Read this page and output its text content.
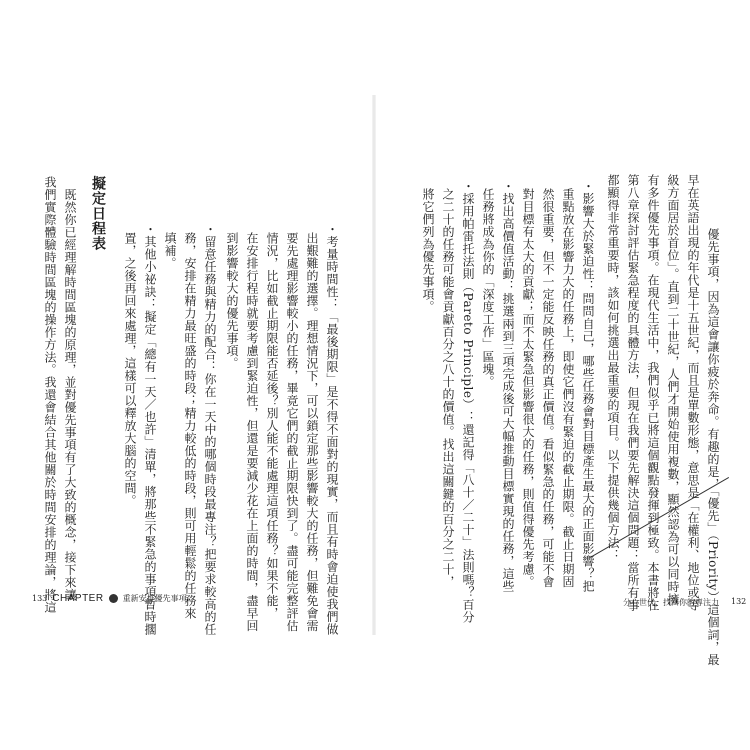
優先事項，因為這會讓你疲於奔命。有趣的是，「優先」（Priority）這個詞，最
早在英語出現的年代是十五世紀，而且是單數形態，意思是「在權利、地位或等
級方面居於首位」。直到二十世紀，人們才開始使用複數，顯然認為可以同時擁
有多件優先事項。在現代生活中，我們似乎已將這個觀點發揮到極致。本書將在
第八章探討評估緊急程度的具體方法，但現在我們要先解決這個問題：當所有事
都顯得非常重要時，該如何挑選出最重要的項目。以下提供幾個方法：
・影響大於緊迫性：問問自己，哪些任務會對目標產生最大的正面影響？把
重點放在影響力大的任務上，即使它們沒有緊迫的截止期限。截止日期固
然很重要，但不一定能反映任務的真正價值。看似緊急的任務，可能不會
對目標有太大的貢獻；而不太緊急但影響很大的任務，則值得優先考慮。
・找出高價值活動：挑選兩到三項完成後可大幅推動目標實現的任務，這些
任務將成為你的「深度工作」區塊。
・採用帕雷托法則（Pareto Principle）：還記得「八十／二十」法則嗎？百分
之二十的任務可能會貢獻百分之八十的價值。找出這關鍵的百分之二十，
將它們列為優先事項。
分心世代，找回你的專注力 132
・考量時間性：「最後期限」是不得不面對的現實，而且有時會迫使我們做
出艱難的選擇。理想情況下，可以鎖定那些影響較大的任務，但難免會需
要先處理影響較小的任務，畢竟它們的截止期限快到了。盡可能完整評估
情況，比如截止期限能否延後？別人能不能處理這項任務？如果不能，
在安排行程時就要考慮到緊迫性，但還是要減少花在上面的時間，盡早回
到影響較大的優先事項。
・留意任務與精力的配合：你在一天中的哪個時段最專注？把要求較高的任
務，安排在精力最旺盛的時段；精力較低的時段，則可用輕鬆的任務來
填補。
・其他小祕訣：擬定「總有一天／也許」清單，將那些不緊急的事項暫時擱
置，之後再回來處理，這樣可以釋放大腦的空間。
擬定日程表
　既然你已經理解時間區塊的原理，並對優先事項有了大致的概念，接下來讓
我們實際體驗時間區塊的操作方法。我還會結合其他關於時間安排的理論，將這
133 CHAPTER 重新安排優先事項
